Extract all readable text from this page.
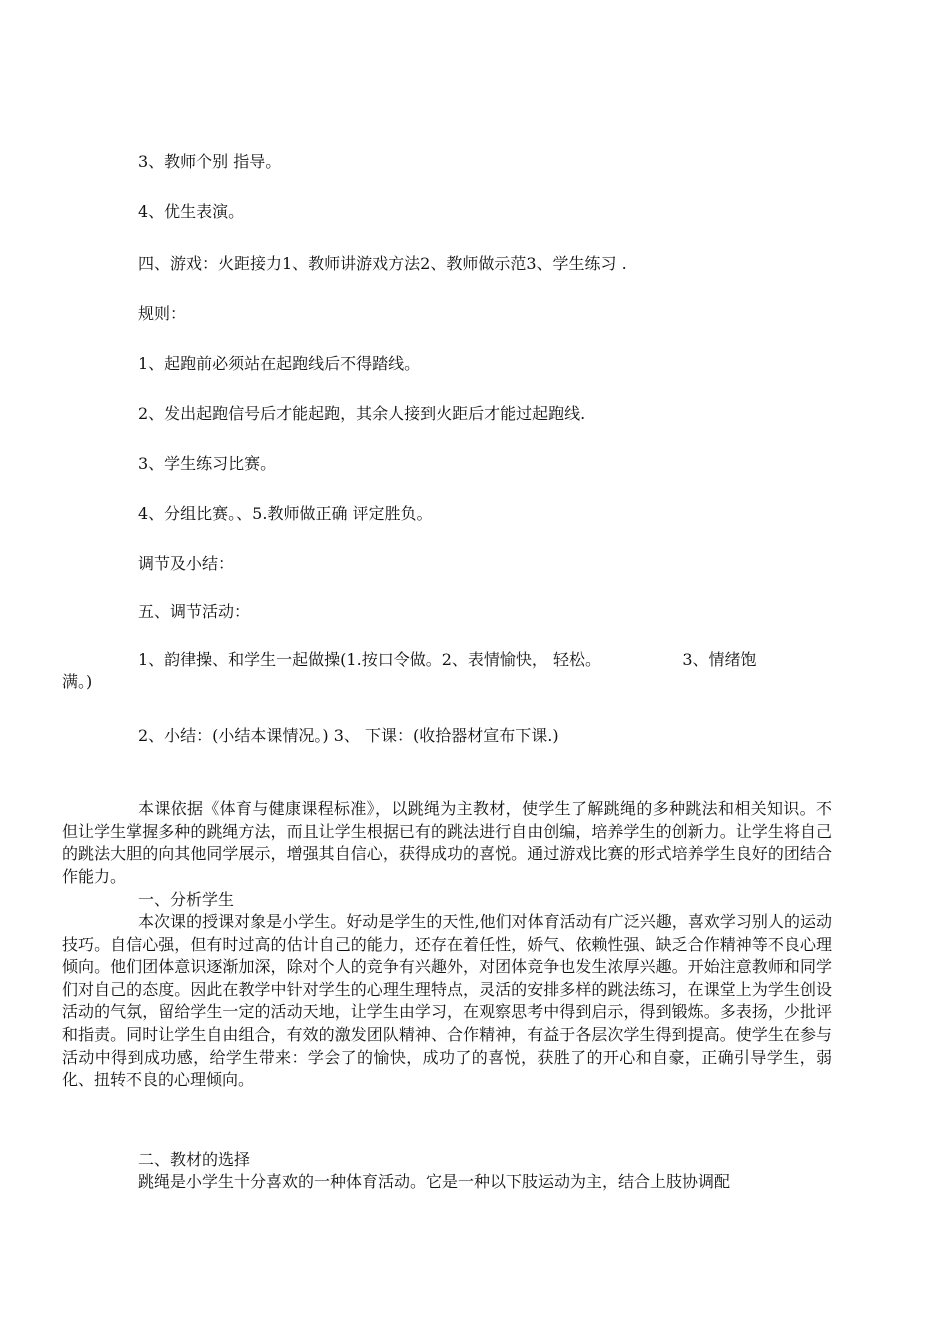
3、教师个别 指导。
4、优生表演。
四、游戏：火距接力1、教师讲游戏方法2、教师做示范3、学生练习 .
规则：
1、起跑前必须站在起跑线后不得踏线。
2、发出起跑信号后才能起跑，其余人接到火距后才能过起跑线.
3、学生练习比赛。
4、分组比赛。、5.教师做正确 评定胜负。
调节及小结：
五、调节活动：
1、韵律操、和学生一起做操(1.按口令做。2、表情愉快， 轻松。                3、情绪饱
满。)
2、小结：(小结本课情况。) 3、 下课：(收拾器材宣布下课.)
本课依据《体育与健康课程标准》，以跳绳为主教材，使学生了解跳绳的多种跳法和相关知识。不但让学生掌握多种的跳绳方法，而且让学生根据已有的跳法进行自由创编，培养学生的创新力。让学生将自己的跳法大胆的向其他同学展示，增强其自信心，获得成功的喜悦。通过游戏比赛的形式培养学生良好的团结合作能力。
一、分析学生
本次课的授课对象是小学生。好动是学生的天性,他们对体育活动有广泛兴趣，喜欢学习别人的运动技巧。自信心强，但有时过高的估计自己的能力，还存在着任性，娇气、依赖性强、缺乏合作精神等不良心理倾向。他们团体意识逐渐加深，除对个人的竞争有兴趣外，对团体竞争也发生浓厚兴趣。开始注意教师和同学们对自己的态度。因此在教学中针对学生的心理生理特点，灵活的安排多样的跳法练习，在课堂上为学生创设活动的气氛，留给学生一定的活动天地，让学生由学习，在观察思考中得到启示，得到锻炼。多表扬，少批评和指责。同时让学生自由组合，有效的激发团队精神、合作精神，有益于各层次学生得到提高。使学生在参与活动中得到成功感，给学生带来：学会了的愉快，成功了的喜悦，获胜了的开心和自豪，正确引导学生，弱化、扭转不良的心理倾向。
二、教材的选择
跳绳是小学生十分喜欢的一种体育活动。它是一种以下肢运动为主，结合上肢协调配
